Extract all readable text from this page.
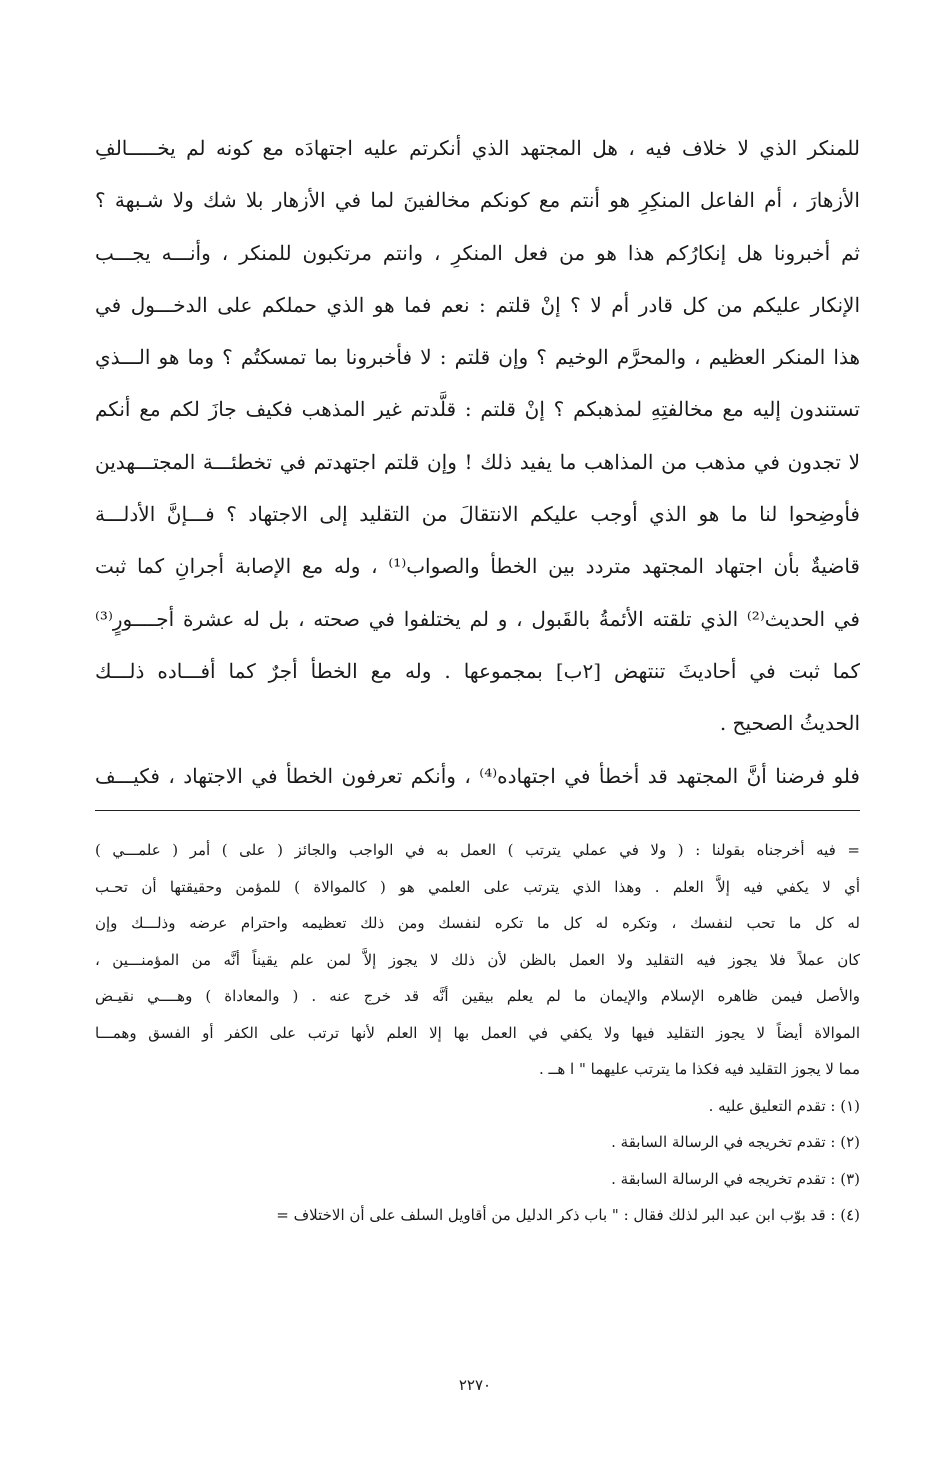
للمنكر الذي لا خلاف فيه ، هل المجتهد الذي أنكرتم عليه اجتهادَه مع كونه لم يخـــــالفِ
الأزهارَ ، أم الفاعل المنكِرِ هو أنتم مع كونكم مخالفينَ لما في الأزهار بلا شك ولا شـبهة ؟
ثم أخبرونا هل إنكارُكم هذا هو من فعل المنكرِ ، وانتم مرتكبون للمنكر ، وأنـــه يجـــب
الإنكار عليكم من كل قادر أم لا ؟ إنْ قلتم : نعم فما هو الذي حملكم على الدخـــول في
هذا المنكر العظيم ، والمحرَّم الوخيم ؟ وإن قلتم : لا فأخبرونا بما تمسكتُم ؟ وما هو الـــذي
تستندون إليه مع مخالفتِهِ لمذهبكم ؟ إنْ قلتم : قلَّدتم غير المذهب فكيف جازَ لكم مع أنكم
لا تجدون في مذهب من المذاهب ما يفيد ذلك ! وإن قلتم اجتهدتم في تخطئـــة المجتـــهدين
فأوضِحوا لنا ما هو الذي أوجب عليكم الانتقالَ من التقليد إلى الاجتهاد ؟ فـــإنَّ الأدلـــة
قاضيةٌ بأن اجتهاد المجتهد متردد بين الخطأ والصواب⁽¹⁾ ، وله مع الإصابة أجرانِ كما ثبت
في الحديث⁽²⁾ الذي تلقته الأئمةُ بالقَبول ، و لم يختلفوا في صحته ، بل له عشرة أجــــورٍ⁽³⁾
كما ثبت في أحاديثَ تنتهض [٢ب] بمجموعها . وله مع الخطأ أجرٌ كما أفـــاده ذلـــك
الحديثُ الصحيح .
فلو فرضنا أنَّ المجتهد قد أخطأ في اجتهاده⁽⁴⁾ ، وأنكم تعرفون الخطأ في الاجتهاد ، فكيـــف
= فيه أخرجناه بقولنا : ( ولا في عملي يترتب ) العمل به في الواجب والجائز ( على ) أمر ( علمـــي )
أي لا يكفي فيه إلاَّ العلم . وهذا الذي يترتب على العلمي هو ( كالموالاة ) للمؤمن وحقيقتها أن تحـب
له كل ما تحب لنفسك ، وتكره له كل ما تكره لنفسك ومن ذلك تعظيمه واحترام عرضه وذلـــك وإن
كان عملاً فلا يجوز فيه التقليد ولا العمل بالظن لأن ذلك لا يجوز إلاَّ لمن علم يقيناً أنَّه من المؤمنـــين ،
والأصل فيمن ظاهره الإسلام والإيمان ما لم يعلم بيقين أنَّه قد خرج عنه . ( والمعاداة ) وهــــي نقيـض
الموالاة أيضاً لا يجوز التقليد فيها ولا يكفي في العمل بها إلا العلم لأنها ترتب على الكفر أو الفسق وهمـــا
مما لا يجوز التقليد فيه فكذا ما يترتب عليهما " ا هــ .
(١) : تقدم التعليق عليه .
(٢) : تقدم تخريجه في الرسالة السابقة .
(٣) : تقدم تخريجه في الرسالة السابقة .
(٤) : قد بوّب ابن عبد البر لذلك فقال : " باب ذكر الدليل من أقاويل السلف على أن الاختلاف =
٢٢٧٠
